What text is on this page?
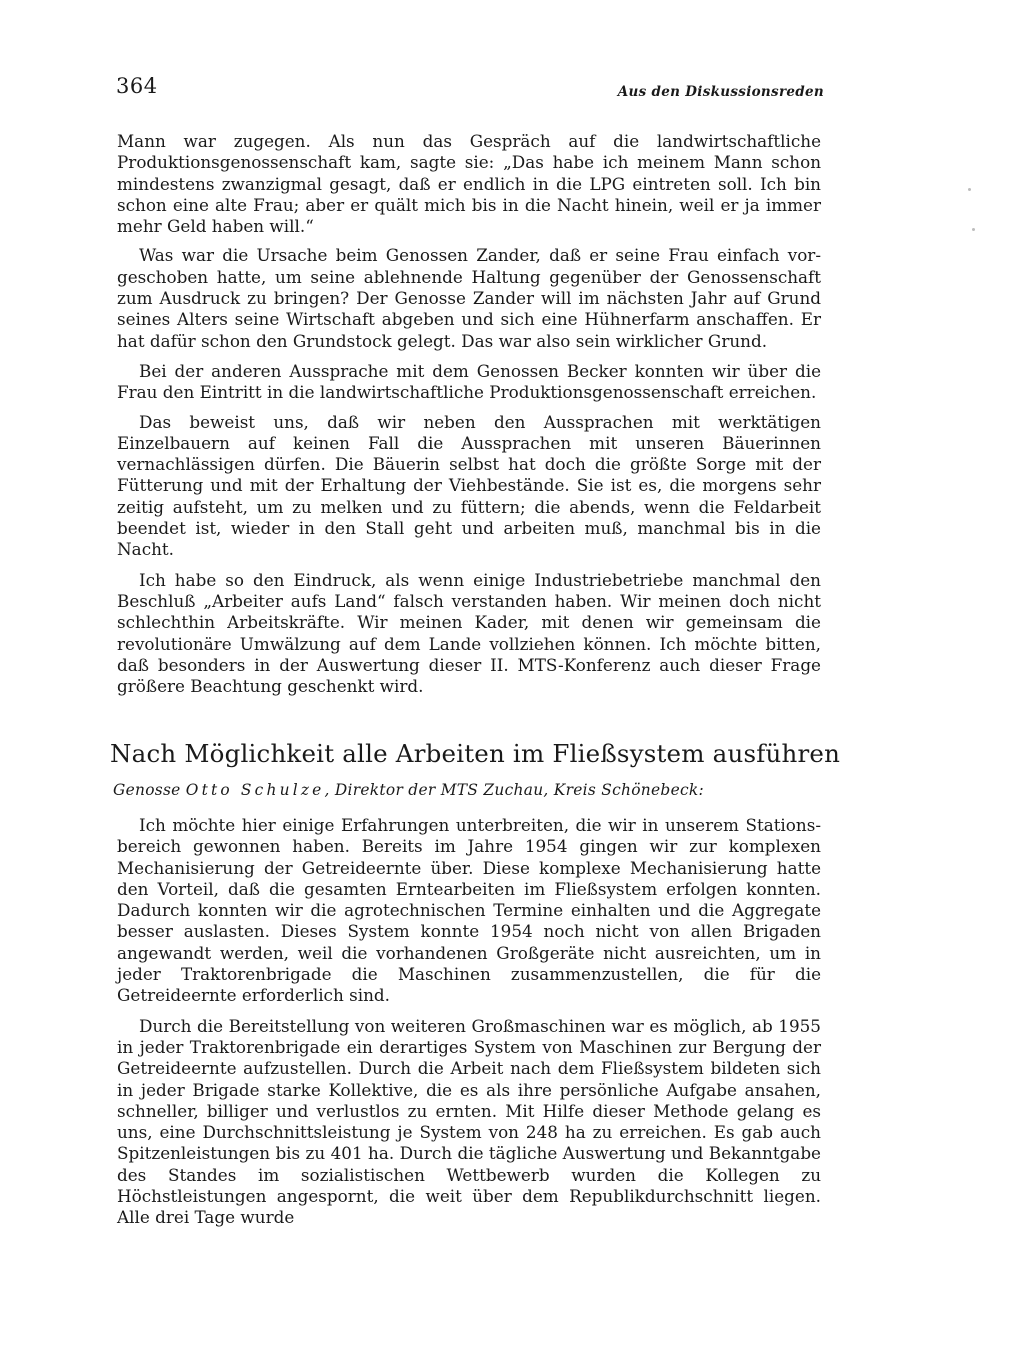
364	Aus den Diskussionsreden

Mann war zugegen. Als nun das Gespräch auf die landwirtschaftliche Produktionsgenossenschaft kam, sagte sie: „Das habe ich meinem Mann schon mindestens zwanzigmal gesagt, daß er endlich in die LPG eintreten soll. Ich bin schon eine alte Frau; aber er quält mich bis in die Nacht hinein, weil er ja immer mehr Geld haben will.“

Was war die Ursache beim Genossen Zander, daß er seine Frau einfach vorgeschoben hatte, um seine ablehnende Haltung gegenüber der Genossenschaft zum Ausdruck zu bringen? Der Genosse Zander will im nächsten Jahr auf Grund seines Alters seine Wirtschaft abgeben und sich eine Hühnerfarm anschaffen. Er hat dafür schon den Grundstock gelegt. Das war also sein wirklicher Grund.

Bei der anderen Aussprache mit dem Genossen Becker konnten wir über die Frau den Eintritt in die landwirtschaftliche Produktionsgenossenschaft erreichen.

Das beweist uns, daß wir neben den Aussprachen mit werktätigen Einzelbauern auf keinen Fall die Aussprachen mit unseren Bäuerinnen vernachlässigen dürfen. Die Bäuerin selbst hat doch die größte Sorge mit der Fütterung und mit der Erhaltung der Viehbestände. Sie ist es, die morgens sehr zeitig aufsteht, um zu melken und zu füttern; die abends, wenn die Feldarbeit beendet ist, wieder in den Stall geht und arbeiten muß, manchmal bis in die Nacht.

Ich habe so den Eindruck, als wenn einige Industriebetriebe manchmal den Beschluß „Arbeiter aufs Land“ falsch verstanden haben. Wir meinen doch nicht schlechthin Arbeitskräfte. Wir meinen Kader, mit denen wir gemeinsam die revolutionäre Umwälzung auf dem Lande vollziehen können. Ich möchte bitten, daß besonders in der Auswertung dieser II. MTS-Konferenz auch dieser Frage größere Beachtung geschenkt wird.

Nach Möglichkeit alle Arbeiten im Fließsystem ausführen
Genosse Otto Schulze, Direktor der MTS Zuchau, Kreis Schönebeck:

Ich möchte hier einige Erfahrungen unterbreiten, die wir in unserem Stationsbereich gewonnen haben. Bereits im Jahre 1954 gingen wir zur komplexen Mechanisierung der Getreideernte über. Diese komplexe Mechanisierung hatte den Vorteil, daß die gesamten Erntearbeiten im Fließsystem erfolgen konnten. Dadurch konnten wir die agrotechnischen Termine einhalten und die Aggregate besser auslasten. Dieses System konnte 1954 noch nicht von allen Brigaden angewandt werden, weil die vorhandenen Großgeräte nicht ausreichten, um in jeder Traktorenbrigade die Maschinen zusammenzustellen, die für die Getreideernte erforderlich sind.

Durch die Bereitstellung von weiteren Großmaschinen war es möglich, ab 1955 in jeder Traktorenbrigade ein derartiges System von Maschinen zur Bergung der Getreideernte aufzustellen. Durch die Arbeit nach dem Fließsystem bildeten sich in jeder Brigade starke Kollektive, die es als ihre persönliche Aufgabe ansahen, schneller, billiger und verlustlos zu ernten. Mit Hilfe dieser Methode gelang es uns, eine Durchschnittsleistung je System von 248 ha zu erreichen. Es gab auch Spitzenleistungen bis zu 401 ha. Durch die tägliche Auswertung und Bekanntgabe des Standes im sozialistischen Wettbewerb wurden die Kollegen zu Höchstleistungen angespornt, die weit über dem Republikdurchschnitt liegen. Alle drei Tage wurde
